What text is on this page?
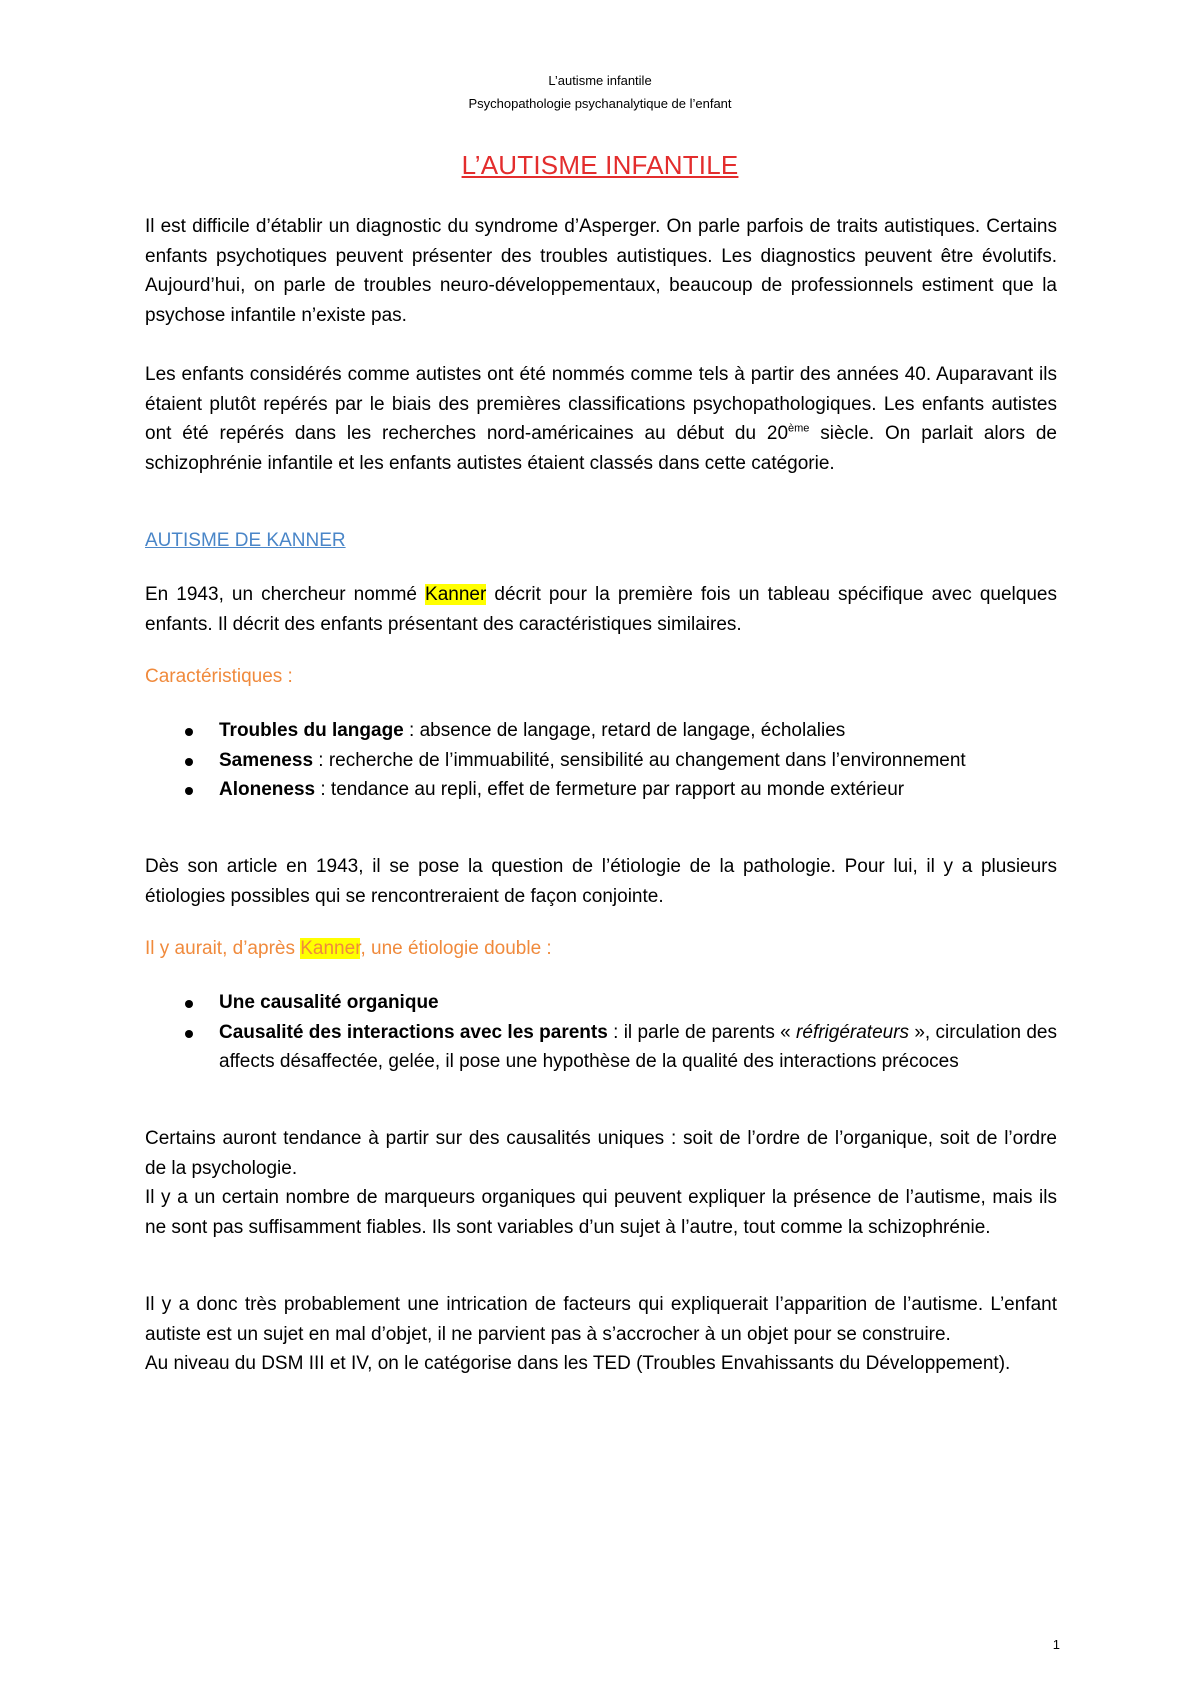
L’autisme infantile
Psychopathologie psychanalytique de l’enfant
L’AUTISME INFANTILE
Il est difficile d’établir un diagnostic du syndrome d’Asperger. On parle parfois de traits autistiques. Certains enfants psychotiques peuvent présenter des troubles autistiques. Les diagnostics peuvent être évolutifs. Aujourd’hui, on parle de troubles neuro-développementaux, beaucoup de professionnels estiment que la psychose infantile n’existe pas.
Les enfants considérés comme autistes ont été nommés comme tels à partir des années 40. Auparavant ils étaient plutôt repérés par le biais des premières classifications psychopathologiques. Les enfants autistes ont été repérés dans les recherches nord-américaines au début du 20ème siècle. On parlait alors de schizophrénie infantile et les enfants autistes étaient classés dans cette catégorie.
AUTISME DE KANNER
En 1943, un chercheur nommé Kanner décrit pour la première fois un tableau spécifique avec quelques enfants. Il décrit des enfants présentant des caractéristiques similaires.
Caractéristiques :
Troubles du langage : absence de langage, retard de langage, écholalies
Sameness : recherche de l’immuabilité, sensibilité au changement dans l’environnement
Aloneness : tendance au repli, effet de fermeture par rapport au monde extérieur
Dès son article en 1943, il se pose la question de l’étiologie de la pathologie. Pour lui, il y a plusieurs étiologies possibles qui se rencontreraient de façon conjointe.
Il y aurait, d’après Kanner, une étiologie double :
Une causalité organique
Causalité des interactions avec les parents : il parle de parents « réfrigérateurs », circulation des affects désaffectée, gelée, il pose une hypothèse de la qualité des interactions précoces
Certains auront tendance à partir sur des causalités uniques : soit de l’ordre de l’organique, soit de l’ordre de la psychologie.
Il y a un certain nombre de marqueurs organiques qui peuvent expliquer la présence de l’autisme, mais ils ne sont pas suffisamment fiables. Ils sont variables d’un sujet à l’autre, tout comme la schizophrénie.
Il y a donc très probablement une intrication de facteurs qui expliquerait l’apparition de l’autisme. L’enfant autiste est un sujet en mal d’objet, il ne parvient pas à s’accrocher à un objet pour se construire.
Au niveau du DSM III et IV, on le catégorise dans les TED (Troubles Envahissants du Développement).
1
